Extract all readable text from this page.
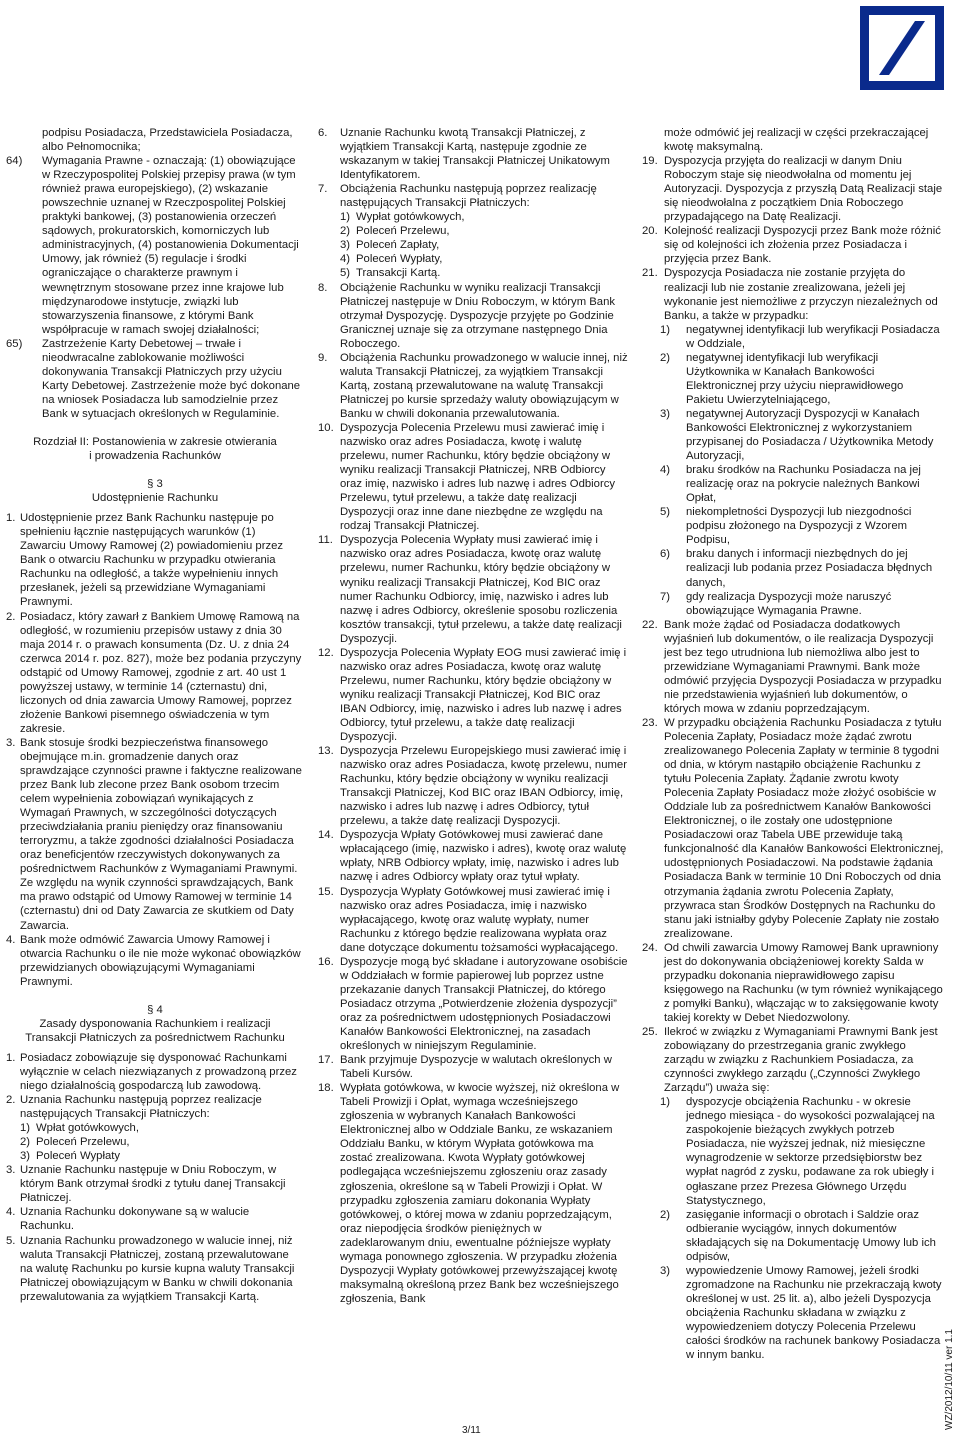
podpisu Posiadacza, Przedstawiciela Posiadacza, albo Pełnomocnika;

64)	Wymagania Prawne - oznaczają: (1) obowiązujące w Rzeczypospolitej Polskiej przepisy prawa (w tym również prawa europejskiego), (2) wskazanie powszechnie uznanej w Rzeczpospolitej Polskiej praktyki bankowej, (3) postanowienia orzeczeń sądowych, prokuratorskich, komorniczych lub administracyjnych, (4) postanowienia Dokumentacji Umowy, jak również (5) regulacje i środki ograniczające o charakterze prawnym i wewnętrznym stosowane przez inne krajowe lub międzynarodowe instytucje, związki lub stowarzyszenia finansowe, z którymi Bank współpracuje w ramach swojej działalności;
65)	Zastrzeżenie Karty Debetowej – trwałe i nieodwracalne zablokowanie możliwości dokonywania Transakcji Płatniczych przy użyciu Karty Debetowej. Zastrzeżenie może być dokonane na wniosek Posiadacza lub samodzielnie przez Bank w sytuacjach określonych w Regulaminie.
Rozdział II: Postanowienia w zakresie otwierania
i prowadzenia Rachunków
§ 3
Udostępnienie Rachunku
1. Udostępnienie przez Bank Rachunku następuje po spełnieniu łącznie następujących warunków (1) Zawarciu Umowy Ramowej (2) powiadomieniu przez Bank o otwarciu Rachunku w przypadku otwierania Rachunku na odległość, a także wypełnieniu innych przesłanek, jeżeli są przewidziane Wymaganiami Prawnymi.
2. Posiadacz, który zawarł z Bankiem Umowę Ramową na odległość, w rozumieniu przepisów ustawy z dnia 30 maja 2014 r. o prawach konsumenta (Dz. U. z dnia 24 czerwca 2014 r. poz. 827), może bez podania przyczyny odstąpić od Umowy Ramowej, zgodnie z art. 40 ust 1 powyższej ustawy, w terminie 14 (czternastu) dni, liczonych od dnia zawarcia Umowy Ramowej, poprzez złożenie Bankowi pisemnego oświadczenia w tym zakresie.
3. Bank stosuje środki bezpieczeństwa finansowego obejmujące m.in. gromadzenie danych oraz sprawdzające czynności prawne i faktyczne realizowane przez Bank lub zlecone przez Bank osobom trzecim celem wypełnienia zobowiązań wynikających z Wymagań Prawnych, w szczególności dotyczących przeciwdziałania praniu pieniędzy oraz finansowaniu terroryzmu, a także zgodności działalności Posiadacza oraz beneficjentów rzeczywistych dokonywanych za pośrednictwem Rachunków z Wymaganiami Prawnymi. Ze względu na wynik czynności sprawdzających, Bank ma prawo odstąpić od Umowy Ramowej w terminie 14 (czternastu) dni od Daty Zawarcia ze skutkiem od Daty Zawarcia.
4. Bank może odmówić Zawarcia Umowy Ramowej i otwarcia Rachunku o ile nie może wykonać obowiązków przewidzianych obowiązującymi Wymaganiami Prawnymi.
§ 4
Zasady dysponowania Rachunkiem i realizacji
Transakcji Płatniczych za pośrednictwem Rachunku
1. Posiadacz zobowiązuje się dysponować Rachunkami wyłącznie w celach niezwiązanych z prowadzoną przez niego działalnością gospodarczą lub zawodową.
2. Uznania Rachunku następują poprzez realizacje następujących Transakcji Płatniczych:
1) Wpłat gotówkowych,
2) Poleceń Przelewu,
3) Poleceń Wypłaty
3. Uznanie Rachunku następuje w Dniu Roboczym, w którym Bank otrzymał środki z tytułu danej Transakcji Płatniczej.
4. Uznania Rachunku dokonywane są w walucie Rachunku.
5. Uznania Rachunku prowadzonego w walucie innej, niż waluta Transakcji Płatniczej, zostaną przewalutowane na walutę Rachunku po kursie kupna waluty Transakcji Płatniczej obowiązującym w Banku w chwili dokonania przewalutowania za wyjątkiem Transakcji Kartą.
6.	Uznanie Rachunku kwotą Transakcji Płatniczej, z wyjątkiem Transakcji Kartą, następuje zgodnie ze wskazanym w takiej Transakcji Płatniczej Unikatowym Identyfikatorem.
7.	Obciążenia Rachunku następują poprzez realizację następujących Transakcji Płatniczych:
1) Wypłat gotówkowych,
2) Poleceń Przelewu,
3) Poleceń Zapłaty,
4) Poleceń Wypłaty,
5) Transakcji Kartą.
8.	Obciążenie Rachunku w wyniku realizacji Transakcji Płatniczej następuje w Dniu Roboczym, w którym Bank otrzymał Dyspozycję. Dyspozycje przyjęte po Godzinie Granicznej uznaje się za otrzymane następnego Dnia Roboczego.
9.	Obciążenia Rachunku prowadzonego w walucie innej, niż waluta Transakcji Płatniczej, za wyjątkiem Transakcji Kartą, zostaną przewalutowane na walutę Transakcji Płatniczej po kursie sprzedaży waluty obowiązującym w Banku w chwili dokonania przewalutowania.
10. Dyspozycja Polecenia Przelewu musi zawierać imię i nazwisko oraz adres Posiadacza, kwotę i walutę przelewu, numer Rachunku, który będzie obciążony w wyniku realizacji Transakcji Płatniczej, NRB Odbiorcy oraz imię, nazwisko i adres lub nazwę i adres Odbiorcy Przelewu, tytuł przelewu, a także datę realizacji Dyspozycji oraz inne dane niezbędne ze względu na rodzaj Transakcji Płatniczej.
11. Dyspozycja Polecenia Wypłaty musi zawierać imię i nazwisko oraz adres Posiadacza, kwotę oraz walutę przelewu, numer Rachunku, który będzie obciążony w wyniku realizacji Transakcji Płatniczej, Kod BIC oraz numer Rachunku Odbiorcy, imię, nazwisko i adres lub nazwę i adres Odbiorcy, określenie sposobu rozliczenia kosztów transakcji, tytuł przelewu, a także datę realizacji Dyspozycji.
12. Dyspozycja Polecenia Wypłaty EOG musi zawierać imię i nazwisko oraz adres Posiadacza, kwotę oraz walutę Przelewu, numer Rachunku, który będzie obciążony w wyniku realizacji Transakcji Płatniczej, Kod BIC oraz IBAN Odbiorcy, imię, nazwisko i adres lub nazwę i adres Odbiorcy, tytuł przelewu, a także datę realizacji Dyspozycji.
13. Dyspozycja Przelewu Europejskiego musi zawierać imię i nazwisko oraz adres Posiadacza, kwotę przelewu, numer Rachunku, który będzie obciążony w wyniku realizacji Transakcji Płatniczej, Kod BIC oraz IBAN Odbiorcy, imię, nazwisko i adres lub nazwę i adres Odbiorcy, tytuł przelewu, a także datę realizacji Dyspozycji.
14. Dyspozycja Wpłaty Gotówkowej musi zawierać dane wpłacającego (imię, nazwisko i adres), kwotę oraz walutę wpłaty, NRB Odbiorcy wpłaty, imię, nazwisko i adres lub nazwę i adres Odbiorcy wpłaty oraz tytuł wpłaty.
15. Dyspozycja Wypłaty Gotówkowej musi zawierać imię i nazwisko oraz adres Posiadacza, imię i nazwisko wypłacającego, kwotę oraz walutę wypłaty, numer Rachunku z którego będzie realizowana wypłata oraz dane dotyczące dokumentu tożsamości wypłacającego.
16. Dyspozycje mogą być składane i autoryzowane osobiście w Oddziałach w formie papierowej lub poprzez ustne przekazanie danych Transakcji Płatniczej, do którego Posiadacz otrzyma „Potwierdzenie złożenia dyspozycji” oraz za pośrednictwem udostępnionych Posiadaczowi Kanałów Bankowości Elektronicznej, na zasadach określonych w niniejszym Regulaminie.
17. Bank przyjmuje Dyspozycje w walutach określonych w Tabeli Kursów.
18. Wypłata gotówkowa, w kwocie wyższej, niż określona w Tabeli Prowizji i Opłat, wymaga wcześniejszego zgłoszenia w wybranych Kanałach Bankowości Elektronicznej albo w Oddziale Banku, ze wskazaniem Oddziału Banku, w którym Wypłata gotówkowa ma zostać zrealizowana. Kwota Wypłaty gotówkowej podlegająca wcześniejszemu zgłoszeniu oraz zasady zgłoszenia, określone są w Tabeli Prowizji i Opłat. W przypadku zgłoszenia zamiaru dokonania Wypłaty gotówkowej, o której mowa w zdaniu poprzedzającym, oraz niepodjęcia środków pieniężnych w zadeklarowanym dniu, ewentualne późniejsze wypłaty wymaga ponownego zgłoszenia. W przypadku złożenia Dyspozycji Wypłaty gotówkowej przewyższającej kwotę maksymalną określoną przez Bank bez wcześniejszego zgłoszenia, Bank

może odmówić jej realizacji w części przekraczającej kwotę maksymalną.

19. Dyspozycja przyjęta do realizacji w danym Dniu Roboczym staje się nieodwołalna od momentu jej Autoryzacji. Dyspozycja z przyszłą Datą Realizacji staje się nieodwołalna z początkiem Dnia Roboczego przypadającego na Datę Realizacji.
20. Kolejność realizacji Dyspozycji przez Bank może różnić się od kolejności ich złożenia przez Posiadacza i przyjęcia przez Bank.
21. Dyspozycja Posiadacza nie zostanie przyjęta do realizacji lub nie zostanie zrealizowana, jeżeli jej wykonanie jest niemożliwe z przyczyn niezależnych od Banku, a także w przypadku:
1)	negatywnej identyfikacji lub weryfikacji Posiadacza w Oddziale,
2)	negatywnej identyfikacji lub weryfikacji Użytkownika w Kanałach Bankowości Elektronicznej przy użyciu nieprawidłowego Pakietu Uwierzytelniającego,
3)	negatywnej Autoryzacji Dyspozycji w Kanałach Bankowości Elektronicznej z wykorzystaniem przypisanej do Posiadacza / Użytkownika Metody Autoryzacji,
4)	braku środków na Rachunku Posiadacza na jej realizację oraz na pokrycie należnych Bankowi Opłat,
5)	niekompletności Dyspozycji lub niezgodności podpisu złożonego na Dyspozycji z Wzorem Podpisu,
6)	braku danych i informacji niezbędnych do jej realizacji lub podania przez Posiadacza błędnych danych,
7)	gdy realizacja Dyspozycji może naruszyć obowiązujące Wymagania Prawne.
22. Bank może żądać od Posiadacza dodatkowych wyjaśnień lub dokumentów, o ile realizacja Dyspozycji jest bez tego utrudniona lub niemożliwa albo jest to przewidziane Wymaganiami Prawnymi. Bank może odmówić przyjęcia Dyspozycji Posiadacza w przypadku nie przedstawienia wyjaśnień lub dokumentów, o których mowa w zdaniu poprzedzającym.
23. W przypadku obciążenia Rachunku Posiadacza z tytułu Polecenia Zapłaty, Posiadacz może żądać zwrotu zrealizowanego Polecenia Zapłaty w terminie 8 tygodni od dnia, w którym nastąpiło obciążenie Rachunku z tytułu Polecenia Zapłaty. Żądanie zwrotu kwoty Polecenia Zapłaty Posiadacz może złożyć osobiście w Oddziale lub za pośrednictwem Kanałów Bankowości Elektronicznej, o ile zostały one udostępnione Posiadaczowi oraz Tabela UBE przewiduje taką funkcjonalność dla Kanałów Bankowości Elektronicznej, udostępnionych Posiadaczowi. Na podstawie żądania Posiadacza Bank w terminie 10 Dni Roboczych od dnia otrzymania żądania zwrotu Polecenia Zapłaty, przywraca stan Środków Dostępnych na Rachunku do stanu jaki istniałby gdyby Polecenie Zapłaty nie zostało zrealizowane.
24. Od chwili zawarcia Umowy Ramowej Bank uprawniony jest do dokonywania obciążeniowej korekty Salda w przypadku dokonania nieprawidłowego zapisu księgowego na Rachunku (w tym również wynikającego z pomyłki Banku), włączając w to zaksięgowanie kwoty takiej korekty w Debet Niedozwolony.
25. Ilekroć w związku z Wymaganiami Prawnymi Bank jest zobowiązany do przestrzegania granic zwykłego zarządu w związku z Rachunkiem Posiadacza, za czynności zwykłego zarządu („Czynności Zwykłego Zarządu”) uważa się:
1)	dyspozycje obciążenia Rachunku - w okresie jednego miesiąca - do wysokości pozwalającej na zaspokojenie bieżących zwykłych potrzeb Posiadacza, nie wyższej jednak, niż miesięczne wynagrodzenie w sektorze przedsiębiorstw bez wypłat nagród z zysku, podawane za rok ubiegły i ogłaszane przez Prezesa Głównego Urzędu Statystycznego,
2)	zasięganie informacji o obrotach i Saldzie oraz odbieranie wyciągów, innych dokumentów składających się na Dokumentację Umowy lub ich odpisów,
3)	wypowiedzenie Umowy Ramowej, jeżeli środki zgromadzone na Rachunku nie przekraczają kwoty określonej w ust. 25 lit. a), albo jeżeli Dyspozycja obciążenia Rachunku składana w związku z wypowiedzeniem dotyczy Polecenia Przelewu całości środków na rachunek bankowy Posiadacza w innym banku.
3/11
WZ/2012/10/11 ver 1.1
